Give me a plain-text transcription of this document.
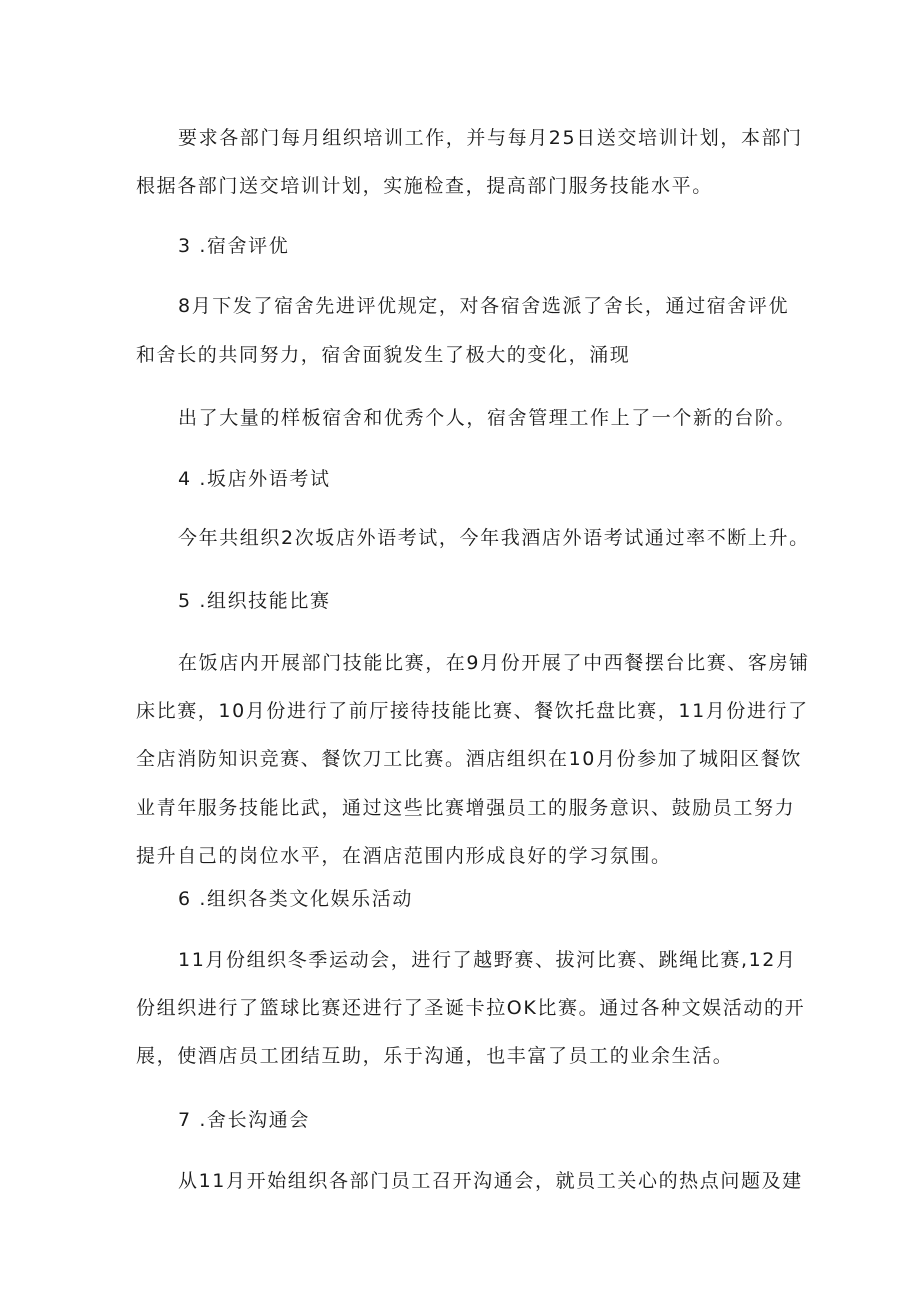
要求各部门每月组织培训工作，并与每月25日送交培训计划，本部门
根据各部门送交培训计划，实施检查，提高部门服务技能水平。
3 .宿舍评优
8月下发了宿舍先进评优规定，对各宿舍选派了舍长，通过宿舍评优
和舍长的共同努力，宿舍面貌发生了极大的变化，涌现
出了大量的样板宿舍和优秀个人，宿舍管理工作上了一个新的台阶。
4 .坂店外语考试
今年共组织2次坂店外语考试，今年我酒店外语考试通过率不断上升。
5 .组织技能比赛
在饭店内开展部门技能比赛，在9月份开展了中西餐摆台比赛、客房铺
床比赛，10月份进行了前厅接待技能比赛、餐饮托盘比赛，11月份进行了
全店消防知识竞赛、餐饮刀工比赛。酒店组织在10月份参加了城阳区餐饮
业青年服务技能比武，通过这些比赛增强员工的服务意识、鼓励员工努力
提升自己的岗位水平，在酒店范围内形成良好的学习氛围。
6 .组织各类文化娱乐活动
11月份组织冬季运动会，进行了越野赛、拔河比赛、跳绳比赛,12月
份组织进行了篮球比赛还进行了圣诞卡拉OK比赛。通过各种文娱活动的开
展，使酒店员工团结互助，乐于沟通，也丰富了员工的业余生活。
7 .舍长沟通会
从11月开始组织各部门员工召开沟通会，就员工关心的热点问题及建
